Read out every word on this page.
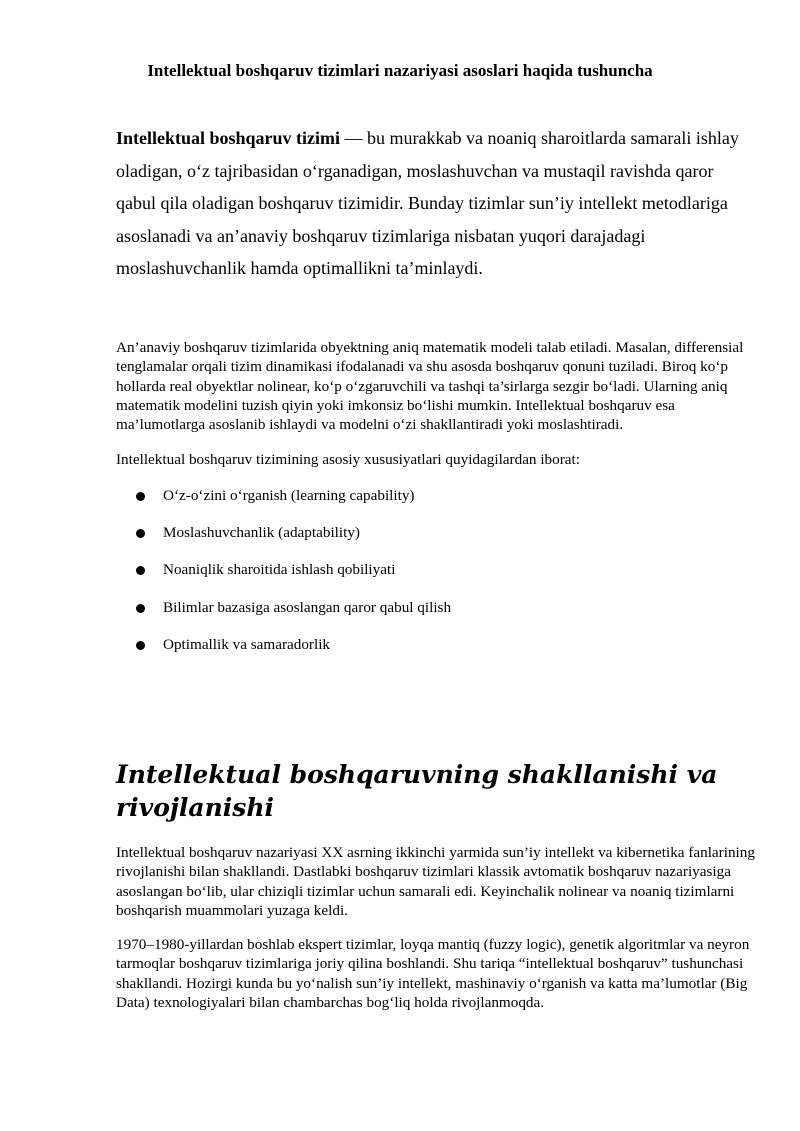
Intellektual boshqaruv tizimlari nazariyasi asoslari haqida tushuncha

Intellektual boshqaruv tizimi — bu murakkab va noaniq sharoitlarda samarali ishlay oladigan, oʻz tajribasidan oʻrganadigan, moslashuvchan va mustaqil ravishda qaror qabul qila oladigan boshqaruv tizimidir. Bunday tizimlar sun’iy intellekt metodlariga asoslanadi va an’anaviy boshqaruv tizimlariga nisbatan yuqori darajadagi moslashuvchanlik hamda optimallikni ta’minlaydi.

An’anaviy boshqaruv tizimlarida obyektning aniq matematik modeli talab etiladi. Masalan, differensial tenglamalar orqali tizim dinamikasi ifodalanadi va shu asosda boshqaruv qonuni tuziladi. Biroq koʻp hollarda real obyektlar nolinear, koʻp oʻzgaruvchili va tashqi ta’sirlarga sezgir boʻladi. Ularning aniq matematik modelini tuzish qiyin yoki imkonsiz boʻlishi mumkin. Intellektual boshqaruv esa ma’lumotlarga asoslanib ishlaydi va modelni oʻzi shakllantiradi yoki moslashtiradi.

Intellektual boshqaruv tizimining asosiy xususiyatlari quyidagilardan iborat:

Oʻz-oʻzini oʻrganish (learning capability)
Moslashuvchanlik (adaptability)
Noaniqlik sharoitida ishlash qobiliyati
Bilimlar bazasiga asoslangan qaror qabul qilish
Optimallik va samaradorlik
Intellektual boshqaruvning shakllanishi va rivojlanishi

Intellektual boshqaruv nazariyasi XX asrning ikkinchi yarmida sun’iy intellekt va kibernetika fanlarining rivojlanishi bilan shakllandi. Dastlabki boshqaruv tizimlari klassik avtomatik boshqaruv nazariyasiga asoslangan boʻlib, ular chiziqli tizimlar uchun samarali edi. Keyinchalik nolinear va noaniq tizimlarni boshqarish muammolari yuzaga keldi.

1970–1980-yillardan boshlab ekspert tizimlar, loyqa mantiq (fuzzy logic), genetik algoritmlar va neyron tarmoqlar boshqaruv tizimlariga joriy qilina boshlandi. Shu tariqa “intellektual boshqaruv” tushunchasi shakllandi. Hozirgi kunda bu yoʻnalish sun’iy intellekt, mashinaviy oʻrganish va katta ma’lumotlar (Big Data) texnologiyalari bilan chambarchas bogʻliq holda rivojlanmoqda.
